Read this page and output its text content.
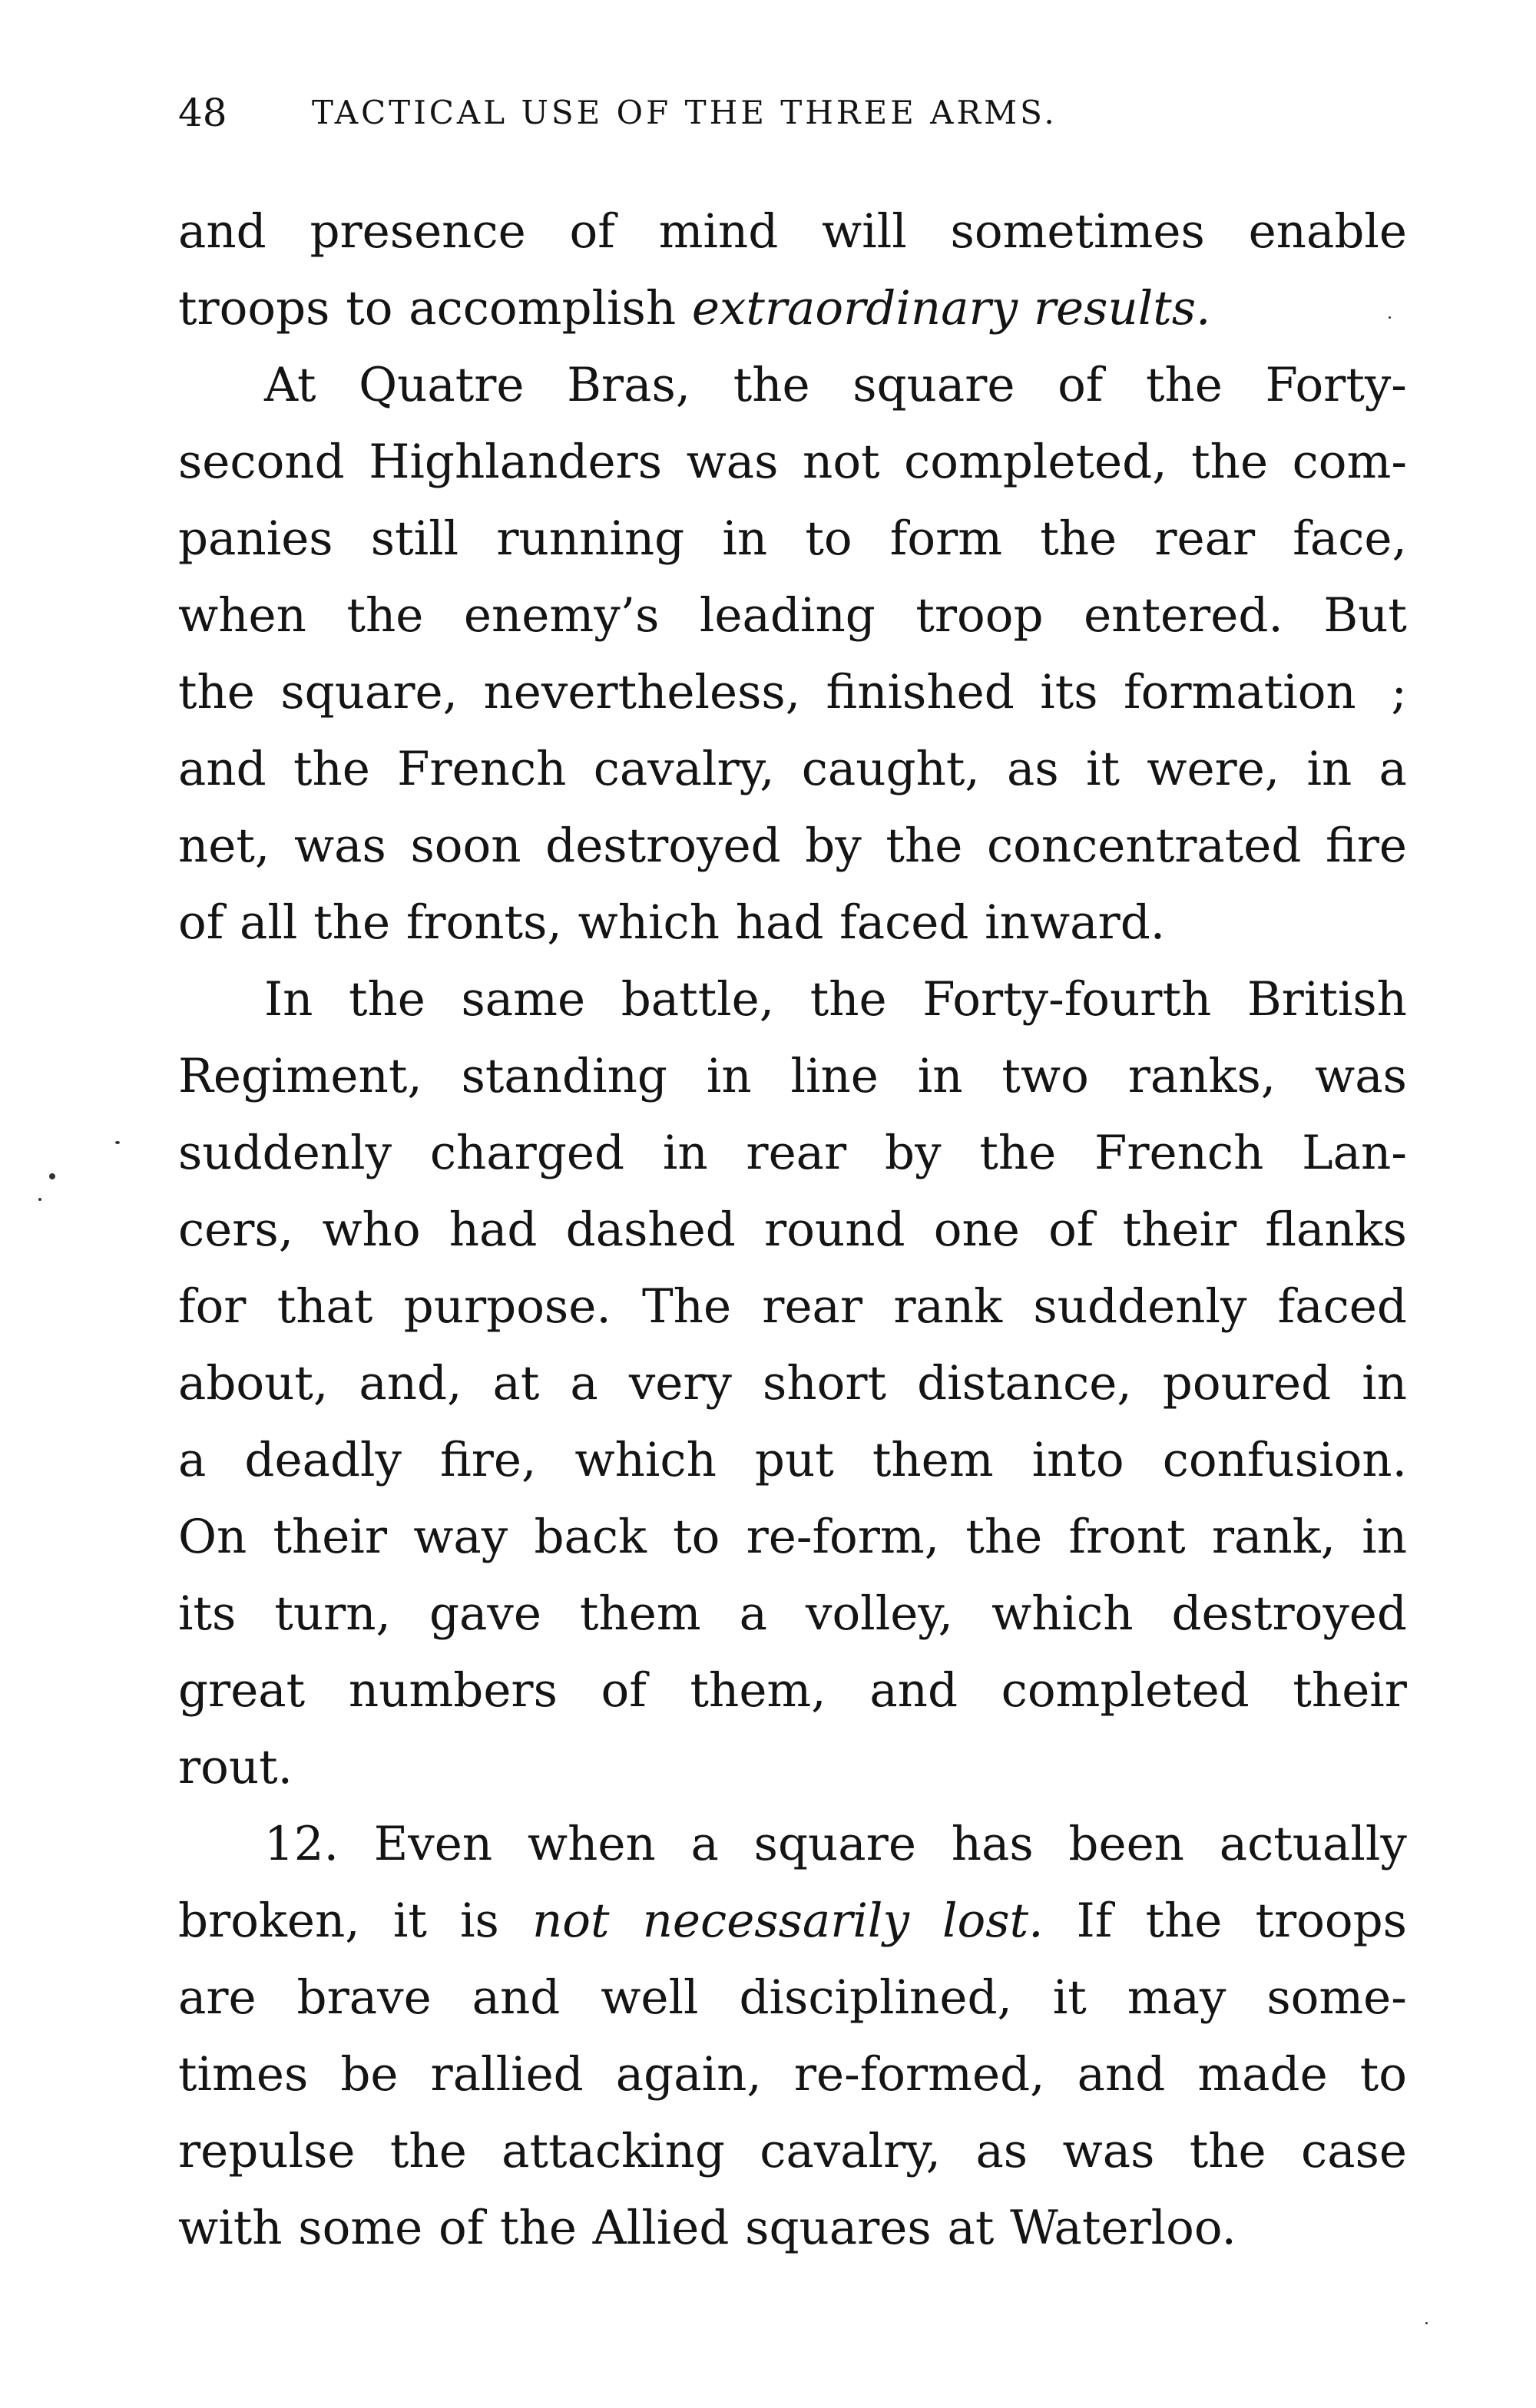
48	TACTICAL USE OF THE THREE ARMS.
and presence of mind will sometimes enable
troops to accomplish extraordinary results.
At Quatre Bras, the square of the Forty-
second Highlanders was not completed, the com-
panies still running in to form the rear face,
when the enemy’s leading troop entered. But
the square, nevertheless, finished its formation  ;
and the French cavalry, caught, as it were, in a
net, was soon destroyed by the concentrated fire
of all the fronts, which had faced inward.
In the same battle, the Forty-fourth British
Regiment, standing in line in two ranks, was
suddenly charged in rear by the French Lan-
cers, who had dashed round one of their flanks
for that purpose. The rear rank suddenly faced
about, and, at a very short distance, poured in
a deadly fire, which put them into confusion.
On their way back to re-form, the front rank, in
its turn, gave them a volley, which destroyed
great numbers of them, and completed their
rout.
12. Even when a square has been actually
broken, it is not necessarily lost. If the troops
are brave and well disciplined, it may some-
times be rallied again, re-formed, and made to
repulse the attacking cavalry, as was the case
with some of the Allied squares at Waterloo.
